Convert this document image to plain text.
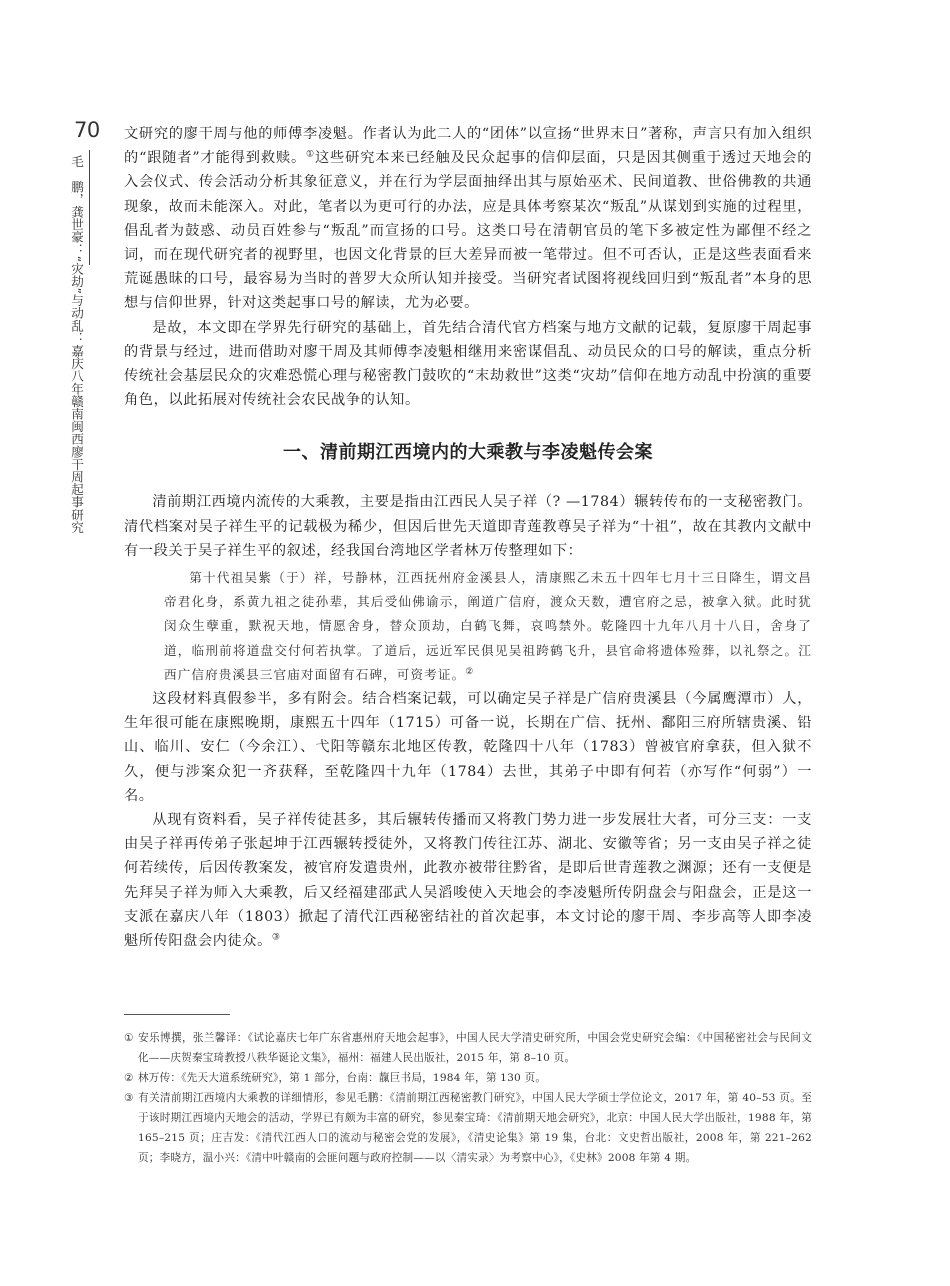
70
毛　鹏，龚世豪：“灾劫”与动乱：嘉庆八年赣南闽西廖干周起事研究

文研究的廖干周与他的师傅李凌魁。作者认为此二人的“团体”以宣扬“世界末日”著称，声言只有加入组织的“跟随者”才能得到救赎。①这些研究本来已经触及民众起事的信仰层面，只是因其侧重于透过天地会的入会仪式、传会活动分析其象征意义，并在行为学层面抽绎出其与原始巫术、民间道教、世俗佛教的共通现象，故而未能深入。对此，笔者以为更可行的办法，应是具体考察某次“叛乱”从谋划到实施的过程里，倡乱者为鼓惑、动员百姓参与“叛乱”而宣扬的口号。这类口号在清朝官员的笔下多被定性为鄙俚不经之词，而在现代研究者的视野里，也因文化背景的巨大差异而被一笔带过。但不可否认，正是这些表面看来荒诞愚昧的口号，最容易为当时的普罗大众所认知并接受。当研究者试图将视线回归到“叛乱者”本身的思想与信仰世界，针对这类起事口号的解读，尤为必要。

是故，本文即在学界先行研究的基础上，首先结合清代官方档案与地方文献的记载，复原廖干周起事的背景与经过，进而借助对廖干周及其师傅李凌魁相继用来密谋倡乱、动员民众的口号的解读，重点分析传统社会基层民众的灾难恐慌心理与秘密教门鼓吹的“末劫救世”这类“灾劫”信仰在地方动乱中扮演的重要角色，以此拓展对传统社会农民战争的认知。

一、清前期江西境内的大乘教与李凌魁传会案

清前期江西境内流传的大乘教，主要是指由江西民人吴子祥（? —1784）辗转传布的一支秘密教门。清代档案对吴子祥生平的记载极为稀少，但因后世先天道即青莲教尊吴子祥为“十祖”，故在其教内文献中有一段关于吴子祥生平的叙述，经我国台湾地区学者林万传整理如下：

第十代祖吴紫（于）祥，号静林，江西抚州府金溪县人，清康熙乙未五十四年七月十三日降生，谓文昌帝君化身，系黄九祖之徒孙辈，其后受仙佛谕示，阐道广信府，渡众天数，遭官府之忌，被拿入狱。此时犹闵众生孽重，默祝天地，情愿舍身，替众顶劫，白鹤飞舞，哀鸣禁外。乾隆四十九年八月十八日，舍身了道，临刑前将道盘交付何若执掌。了道后，远近军民俱见吴祖跨鹤飞升，县官命将遗体殓葬，以礼祭之。江西广信府贵溪县三官庙对面留有石碑，可资考证。②

这段材料真假参半，多有附会。结合档案记载，可以确定吴子祥是广信府贵溪县（今属鹰潭市）人，生年很可能在康熙晚期，康熙五十四年（1715）可备一说，长期在广信、抚州、鄱阳三府所辖贵溪、铅山、临川、安仁（今余江）、弋阳等赣东北地区传教，乾隆四十八年（1783）曾被官府拿获，但入狱不久，便与涉案众犯一齐获释，至乾隆四十九年（1784）去世，其弟子中即有何若（亦写作“何弱”）一名。

从现有资料看，吴子祥传徒甚多，其后辗转传播而又将教门势力进一步发展壮大者，可分三支：一支由吴子祥再传弟子张起坤于江西辗转授徒外，又将教门传往江苏、湖北、安徽等省；另一支由吴子祥之徒何若续传，后因传教案发，被官府发遣贵州，此教亦被带往黔省，是即后世青莲教之渊源；还有一支便是先拜吴子祥为师入大乘教，后又经福建邵武人吴滔唆使入天地会的李凌魁所传阴盘会与阳盘会，正是这一支派在嘉庆八年（1803）掀起了清代江西秘密结社的首次起事，本文讨论的廖干周、李步高等人即李凌魁所传阳盘会内徒众。③

① 安乐博撰，张兰馨译：《试论嘉庆七年广东省惠州府天地会起事》，中国人民大学清史研究所，中国会党史研究会编：《中国秘密社会与民间文化——庆贺秦宝琦教授八秩华诞论文集》，福州：福建人民出版社，2015 年，第 8–10 页。
② 林万传：《先天大道系统研究》，第 1 部分，台南：靝巨书局，1984 年，第 130 页。
③ 有关清前期江西境内大乘教的详细情形，参见毛鹏：《清前期江西秘密教门研究》，中国人民大学硕士学位论文，2017 年，第 40–53 页。至于该时期江西境内天地会的活动，学界已有颇为丰富的研究，参见秦宝琦：《清前期天地会研究》，北京：中国人民大学出版社，1988 年，第 165–215 页；庄吉发：《清代江西人口的流动与秘密会党的发展》，《清史论集》第 19 集，台北：文史哲出版社，2008 年，第 221–262 页；李晓方，温小兴：《清中叶赣南的会匪问题与政府控制——以〈清实录〉为考察中心》，《史林》2008 年第 4 期。
